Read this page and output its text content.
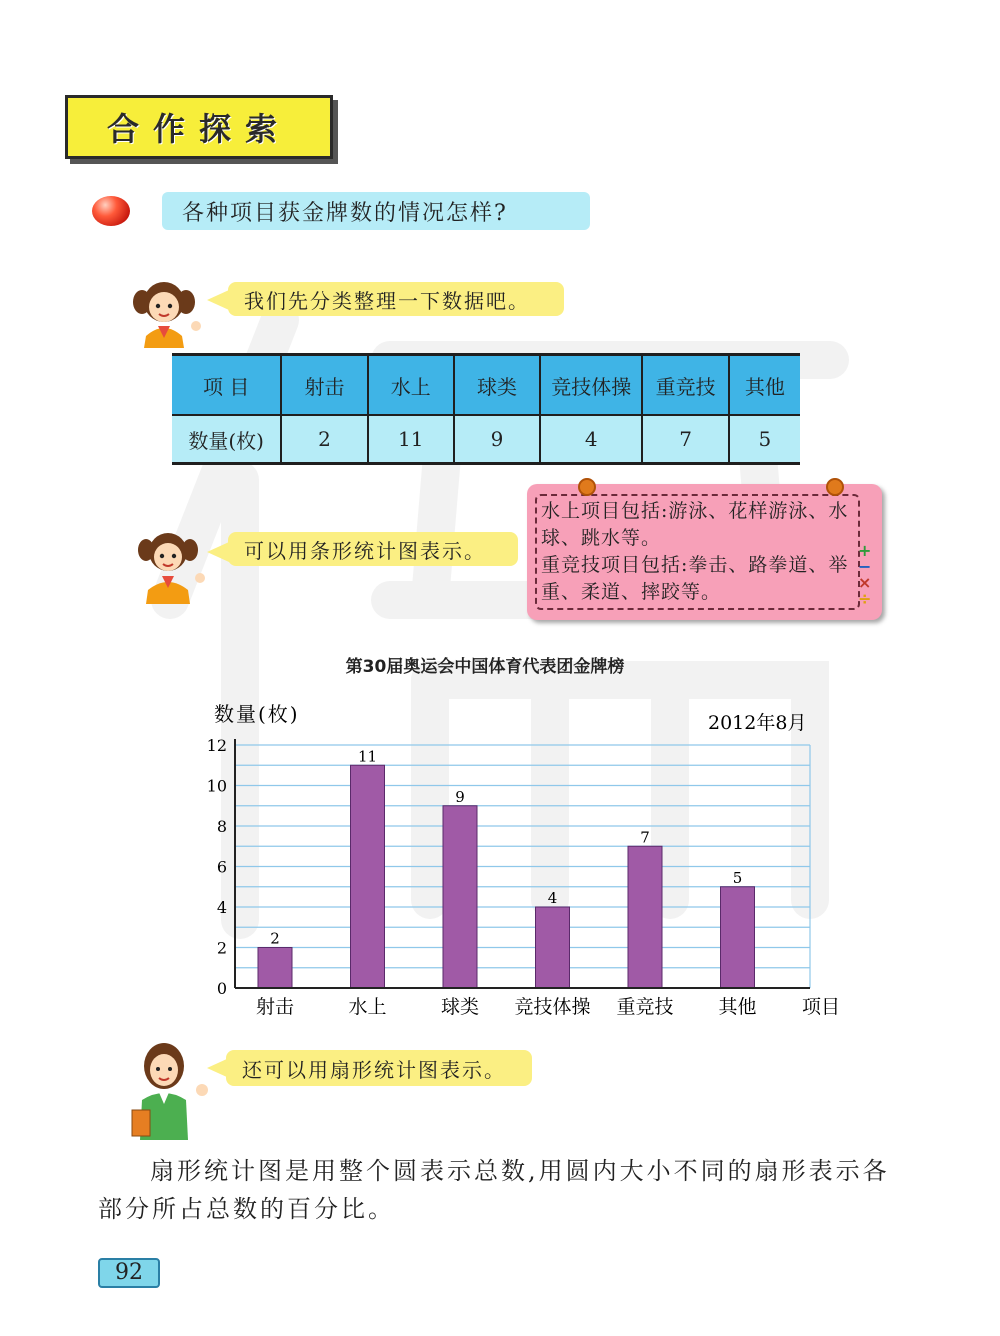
合作探索
各种项目获金牌数的情况怎样?
我们先分类整理一下数据吧。
项 目	射击	水上	球类	竞技体操	重竞技	其他
数量(枚)	2	11	9	4	7	5
可以用条形统计图表示。
水上项目包括:游泳、花样游泳、水球、跳水等。
重竞技项目包括:拳击、路拳道、举重、柔道、摔跤等。
+
−
×
÷
第30届奥运会中国体育代表团金牌榜
0
2
4
6
8
10
12
2
射击
11
水上
9
球类
4
竞技体操
7
重竞技
5
其他
数量(枚)
项目
2012年8月
还可以用扇形统计图表示。
扇形统计图是用整个圆表示总数,用圆内大小不同的扇形表示各部分所占总数的百分比。
92
